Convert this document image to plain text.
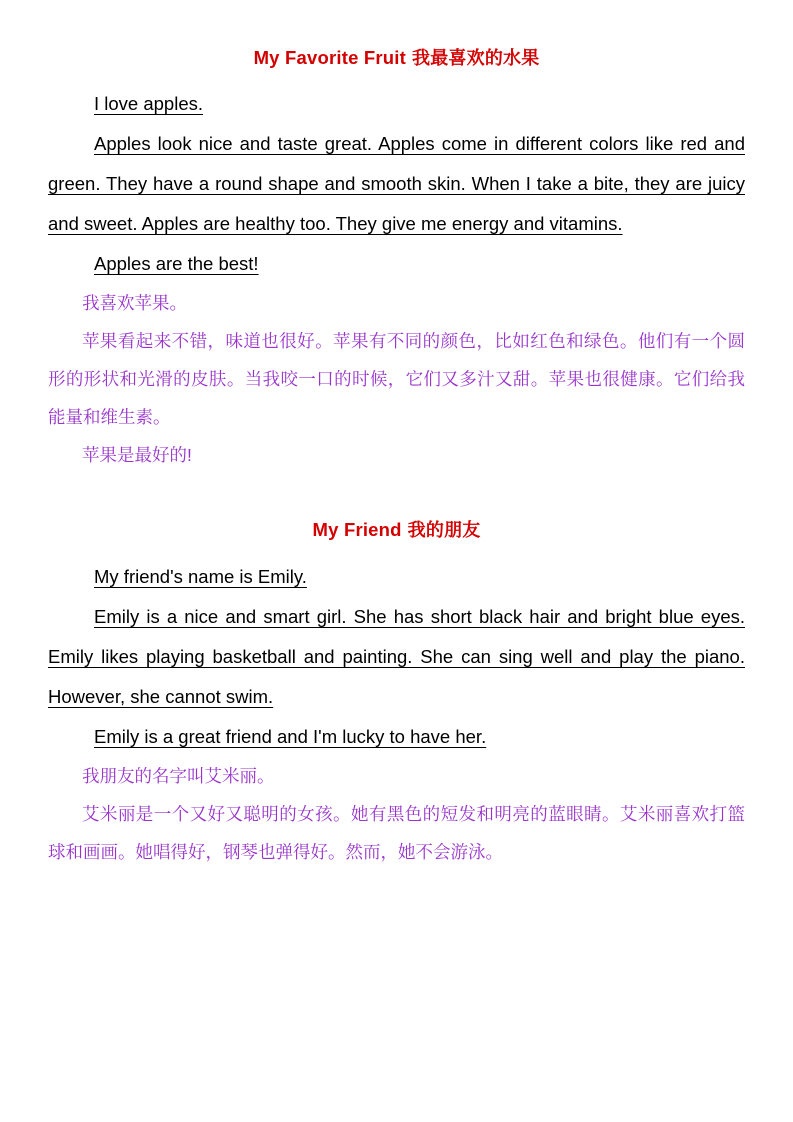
My Favorite Fruit 我最喜欢的水果

I love apples.

Apples look nice and taste great. Apples come in different colors like red and green. They have a round shape and smooth skin. When I take a bite, they are juicy and sweet. Apples are healthy too. They give me energy and vitamins.

Apples are the best!

我喜欢苹果。

苹果看起来不错，味道也很好。苹果有不同的颜色，比如红色和绿色。他们有一个圆形的形状和光滑的皮肤。当我咬一口的时候，它们又多汁又甜。苹果也很健康。它们给我能量和维生素。

苹果是最好的!

My Friend 我的朋友

My friend's name is Emily.

Emily is a nice and smart girl. She has short black hair and bright blue eyes. Emily likes playing basketball and painting. She can sing well and play the piano. However, she cannot swim.

Emily is a great friend and I'm lucky to have her.

我朋友的名字叫艾米丽。

艾米丽是一个又好又聪明的女孩。她有黑色的短发和明亮的蓝眼睛。艾米丽喜欢打篮球和画画。她唱得好，钢琴也弹得好。然而，她不会游泳。
